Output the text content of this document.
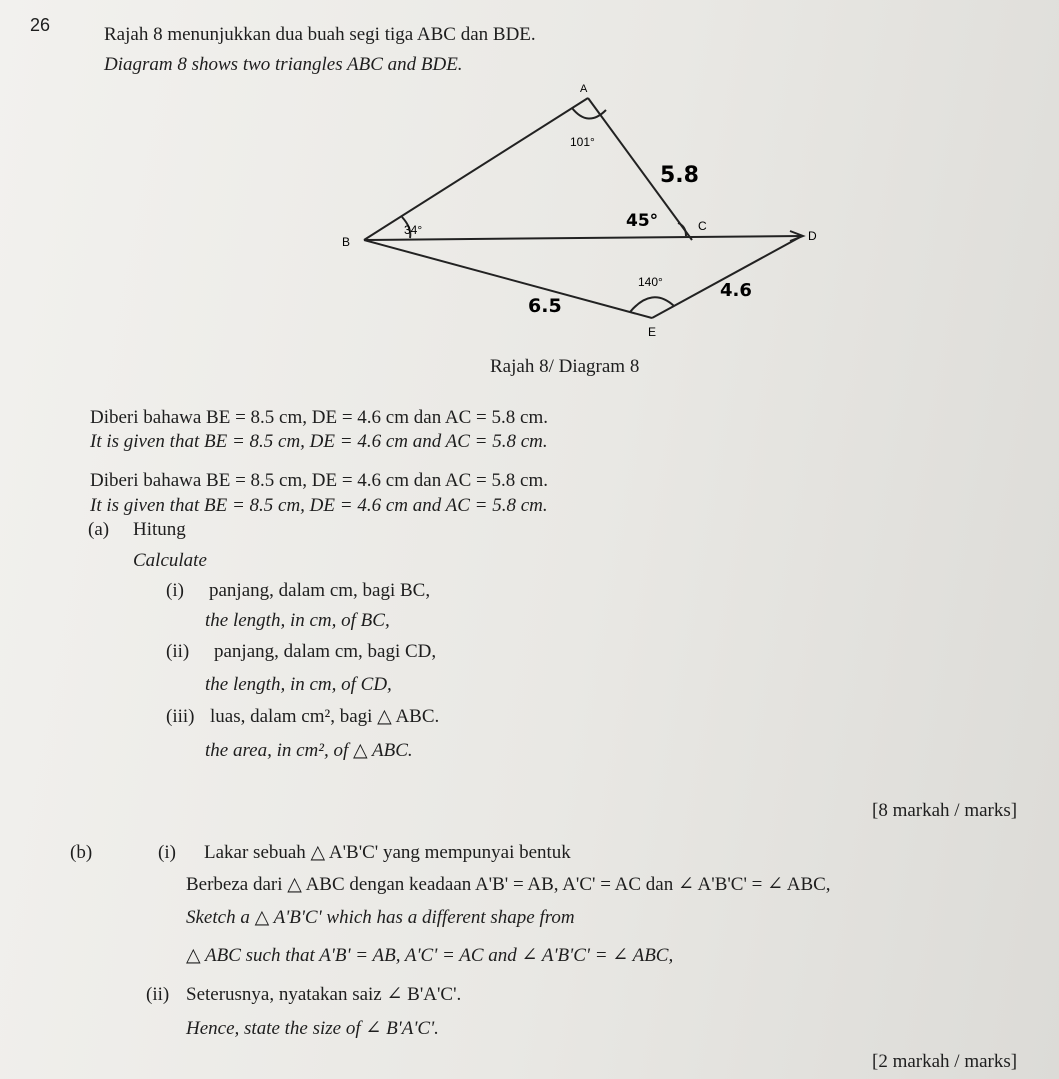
26	Rajah 8 menunjukkan dua buah segi tiga ABC dan BDE.
Diagram 8 shows two triangles ABC and BDE.
A
B
C
D
E
101°
34°
140°
5.8
45°
4.6
6.5
Rajah 8/ Diagram 8
Diberi bahawa BE = 8.5 cm, DE = 4.6 cm dan AC = 5.8 cm.
It is given that BE = 8.5 cm, DE = 4.6 cm and AC = 5.8 cm.
Diberi bahawa BE = 8.5 cm, DE = 4.6 cm dan AC = 5.8 cm.
It is given that BE = 8.5 cm, DE = 4.6 cm and AC = 5.8 cm.
(a) Hitung
Calculate
(i) panjang, dalam cm, bagi BC,
the length, in cm, of BC,
(ii) panjang, dalam cm, bagi CD,
the length, in cm, of CD,
(iii) luas, dalam cm², bagi △ ABC.
the area, in cm², of △ ABC.
[8 markah / marks]
(b)	(i) Lakar sebuah △ A'B'C' yang mempunyai bentuk
Berbeza dari △ ABC dengan keadaan A'B' = AB, A'C' = AC dan ∠ A'B'C' = ∠ ABC,
Sketch a △ A'B'C' which has a different shape from
△ ABC such that A'B' = AB, A'C' = AC and ∠ A'B'C' = ∠ ABC,
(ii) Seterusnya, nyatakan saiz ∠ B'A'C'.
Hence, state the size of ∠ B'A'C'.
[2 markah / marks]
